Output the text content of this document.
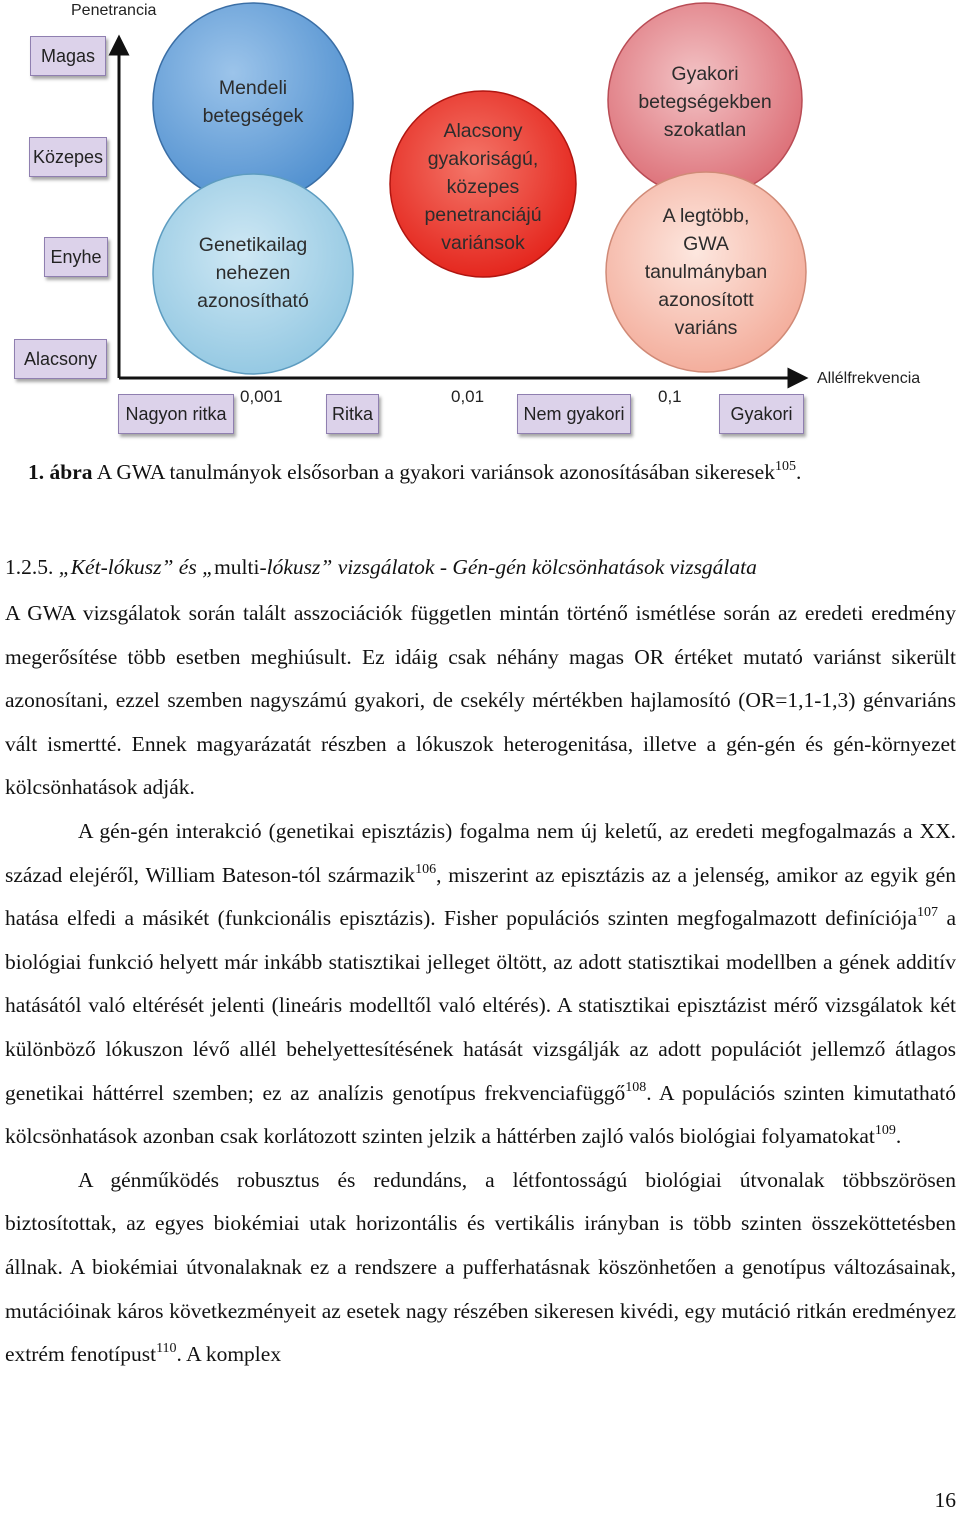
Penetrancia
Allélfrekvencia
Magas
Közepes
Enyhe
Alacsony
Nagyon ritka	Ritka	Nem gyakori	Gyakori
0,001	0,01	0,1
Mendeli
betegségek
Genetikailag
nehezen
azonosítható
Alacsony
gyakoriságú,
közepes
penetranciájú
variánsok
Gyakori
betegségekben
szokatlan
A legtöbb,
GWA
tanulmányban
azonosított
variáns
1. ábra A GWA tanulmányok elsősorban a gyakori variánsok azonosításában sikeresek$^{105}$.
1.2.5. „Két-lókusz” és „multi-lókusz” vizsgálatok - Gén-gén kölcsönhatások vizsgálata

A GWA vizsgálatok során talált asszociációk független mintán történő ismétlése során az eredeti eredmény megerősítése több esetben meghiúsult. Ez idáig csak néhány magas OR értéket mutató variánst sikerült azonosítani, ezzel szemben nagyszámú gyakori, de csekély mértékben hajlamosító (OR=1,1-1,3) génvariáns vált ismertté. Ennek magyarázatát részben a lókuszok heterogenitása, illetve a gén-gén és gén-környezet kölcsönhatások adják.

A gén-gén interakció (genetikai episztázis) fogalma nem új keletű, az eredeti megfogalmazás a XX. század elejéről, William Bateson-tól származik$^{106}$, miszerint az episztázis az a jelenség, amikor az egyik gén hatása elfedi a másikét (funkcionális episztázis). Fisher populációs szinten megfogalmazott definíciója$^{107}$ a biológiai funkció helyett már inkább statisztikai jelleget öltött, az adott statisztikai modellben a gének additív hatásától való eltérését jelenti (lineáris modelltől való eltérés). A statisztikai episztázist mérő vizsgálatok két különböző lókuszon lévő allél behelyettesítésének hatását vizsgálják az adott populációt jellemző átlagos genetikai háttérrel szemben; ez az analízis genotípus frekvenciafüggő$^{108}$. A populációs szinten kimutatható kölcsönhatások azonban csak korlátozott szinten jelzik a háttérben zajló valós biológiai folyamatokat$^{109}$.

A génműködés robusztus és redundáns, a létfontosságú biológiai útvonalak többszörösen biztosítottak, az egyes biokémiai utak horizontális és vertikális irányban is több szinten összeköttetésben állnak. A biokémiai útvonalaknak ez a rendszere a pufferhatásnak köszönhetően a genotípus változásainak, mutációinak káros következményeit az esetek nagy részében sikeresen kivédi, egy mutáció ritkán eredményez extrém fenotípust$^{110}$. A komplex

16
